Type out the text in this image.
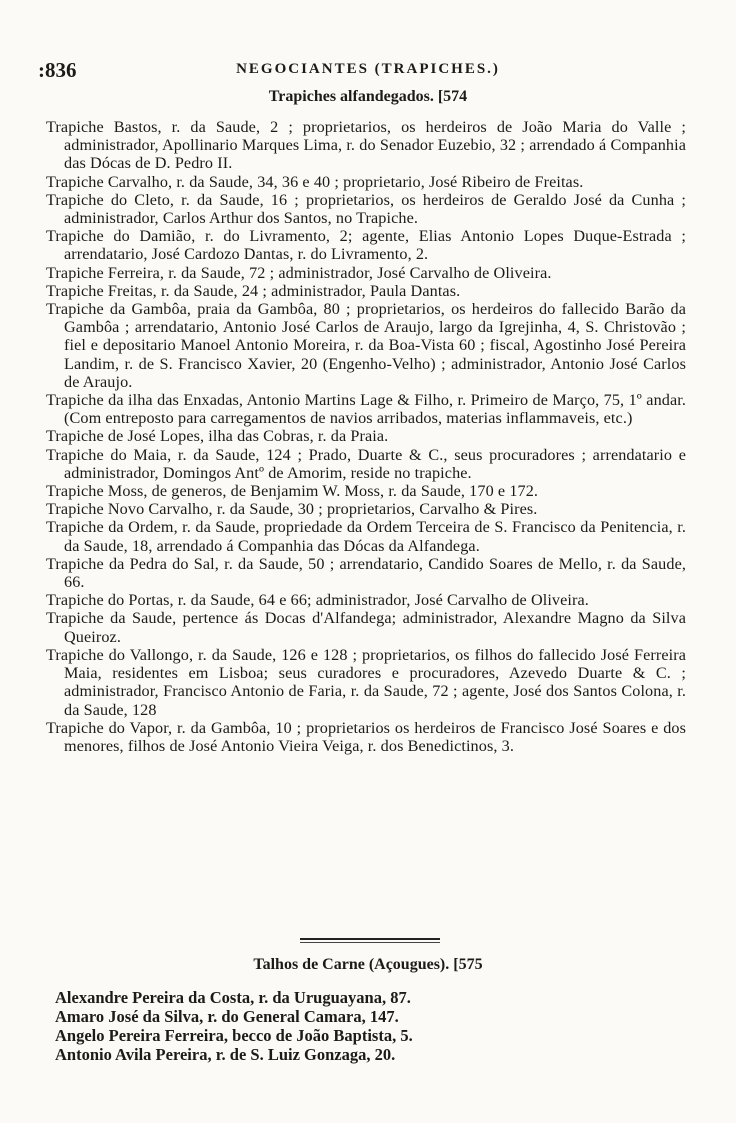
:836	NEGOCIANTES (TRAPICHES.)
Trapiches alfandegados. [574

Trapiche Bastos, r. da Saude, 2 ; proprietarios, os herdeiros de João Maria do Valle ; administrador, Apollinario Marques Lima, r. do Senador Euzebio, 32 ; arrendado á Companhia das Dócas de D. Pedro II.

Trapiche Carvalho, r. da Saude, 34, 36 e 40 ; proprietario, José Ribeiro de Freitas.

Trapiche do Cleto, r. da Saude, 16 ; proprietarios, os herdeiros de Geraldo José da Cunha ; administrador, Carlos Arthur dos Santos, no Trapiche.

Trapiche do Damião, r. do Livramento, 2; agente, Elias Antonio Lopes Duque-Estrada ; arrendatario, José Cardozo Dantas, r. do Livramento, 2.

Trapiche Ferreira, r. da Saude, 72 ; administrador, José Carvalho de Oliveira.

Trapiche Freitas, r. da Saude, 24 ; administrador, Paula Dantas.

Trapiche da Gambôa, praia da Gambôa, 80 ; proprietarios, os herdeiros do fallecido Barão da Gambôa ; arrendatario, Antonio José Carlos de Araujo, largo da Igrejinha, 4, S. Christovão ; fiel e depositario Manoel Antonio Moreira, r. da Boa-Vista 60 ; fiscal, Agostinho José Pereira Landim, r. de S. Francisco Xavier, 20 (Engenho-Velho) ; administrador, Antonio José Carlos de Araujo.

Trapiche da ilha das Enxadas, Antonio Martins Lage & Filho, r. Primeiro de Março, 75, 1º andar. (Com entreposto para carregamentos de navios arribados, materias inflammaveis, etc.)

Trapiche de José Lopes, ilha das Cobras, r. da Praia.

Trapiche do Maia, r. da Saude, 124 ; Prado, Duarte & C., seus procuradores ; arrendatario e administrador, Domingos Antº de Amorim, reside no trapiche.

Trapiche Moss, de generos, de Benjamim W. Moss, r. da Saude, 170 e 172.

Trapiche Novo Carvalho, r. da Saude, 30 ; proprietarios, Carvalho & Pires.

Trapiche da Ordem, r. da Saude, propriedade da Ordem Terceira de S. Francisco da Penitencia, r. da Saude, 18, arrendado á Companhia das Dócas da Alfandega.

Trapiche da Pedra do Sal, r. da Saude, 50 ; arrendatario, Candido Soares de Mello, r. da Saude, 66.

Trapiche do Portas, r. da Saude, 64 e 66; administrador, José Carvalho de Oliveira.

Trapiche da Saude, pertence ás Docas d'Alfandega; administrador, Alexandre Magno da Silva Queiroz.

Trapiche do Vallongo, r. da Saude, 126 e 128 ; proprietarios, os filhos do fallecido José Ferreira Maia, residentes em Lisboa; seus curadores e procuradores, Azevedo Duarte & C. ; administrador, Francisco Antonio de Faria, r. da Saude, 72 ; agente, José dos Santos Colona, r. da Saude, 128

Trapiche do Vapor, r. da Gambôa, 10 ; proprietarios os herdeiros de Francisco José Soares e dos menores, filhos de José Antonio Vieira Veiga, r. dos Benedictinos, 3.

Talhos de Carne (Açougues). [575

Alexandre Pereira da Costa, r. da Uruguayana, 87.

Amaro José da Silva, r. do General Camara, 147.

Angelo Pereira Ferreira, becco de João Baptista, 5.

Antonio Avila Pereira, r. de S. Luiz Gonzaga, 20.
